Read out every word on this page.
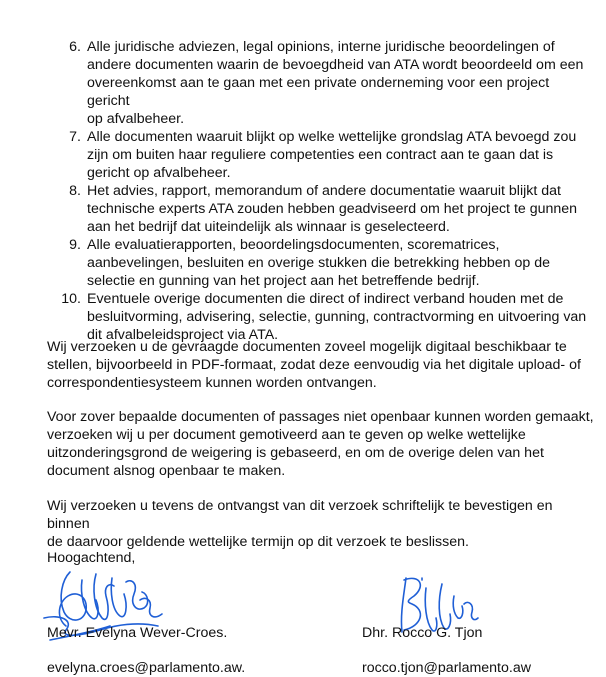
6. Alle juridische adviezen, legal opinions, interne juridische beoordelingen of
andere documenten waarin de bevoegdheid van ATA wordt beoordeeld om een
overeenkomst aan te gaan met een private onderneming voor een project gericht
op afvalbeheer.
7. Alle documenten waaruit blijkt op welke wettelijke grondslag ATA bevoegd zou
zijn om buiten haar reguliere competenties een contract aan te gaan dat is
gericht op afvalbeheer.
8. Het advies, rapport, memorandum of andere documentatie waaruit blijkt dat
technische experts ATA zouden hebben geadviseerd om het project te gunnen
aan het bedrijf dat uiteindelijk als winnaar is geselecteerd.
9. Alle evaluatierapporten, beoordelingsdocumenten, scorematrices,
aanbevelingen, besluiten en overige stukken die betrekking hebben op de
selectie en gunning van het project aan het betreffende bedrijf.
10. Eventuele overige documenten die direct of indirect verband houden met de
besluitvorming, advisering, selectie, gunning, contractvorming en uitvoering van
dit afvalbeleidsproject via ATA.

Wij verzoeken u de gevraagde documenten zoveel mogelijk digitaal beschikbaar te
stellen, bijvoorbeeld in PDF-formaat, zodat deze eenvoudig via het digitale upload- of
correspondentiesysteem kunnen worden ontvangen.

Voor zover bepaalde documenten of passages niet openbaar kunnen worden gemaakt,
verzoeken wij u per document gemotiveerd aan te geven op welke wettelijke
uitzonderingsgrond de weigering is gebaseerd, en om de overige delen van het
document alsnog openbaar te maken.

Wij verzoeken u tevens de ontvangst van dit verzoek schriftelijk te bevestigen en binnen
de daarvoor geldende wettelijke termijn op dit verzoek te beslissen.

Hoogachtend,

Mevr. Evelyna Wever-Croes.	Dhr. Rocco G. Tjon
evelyna.croes@parlamento.aw.	rocco.tjon@parlamento.aw
